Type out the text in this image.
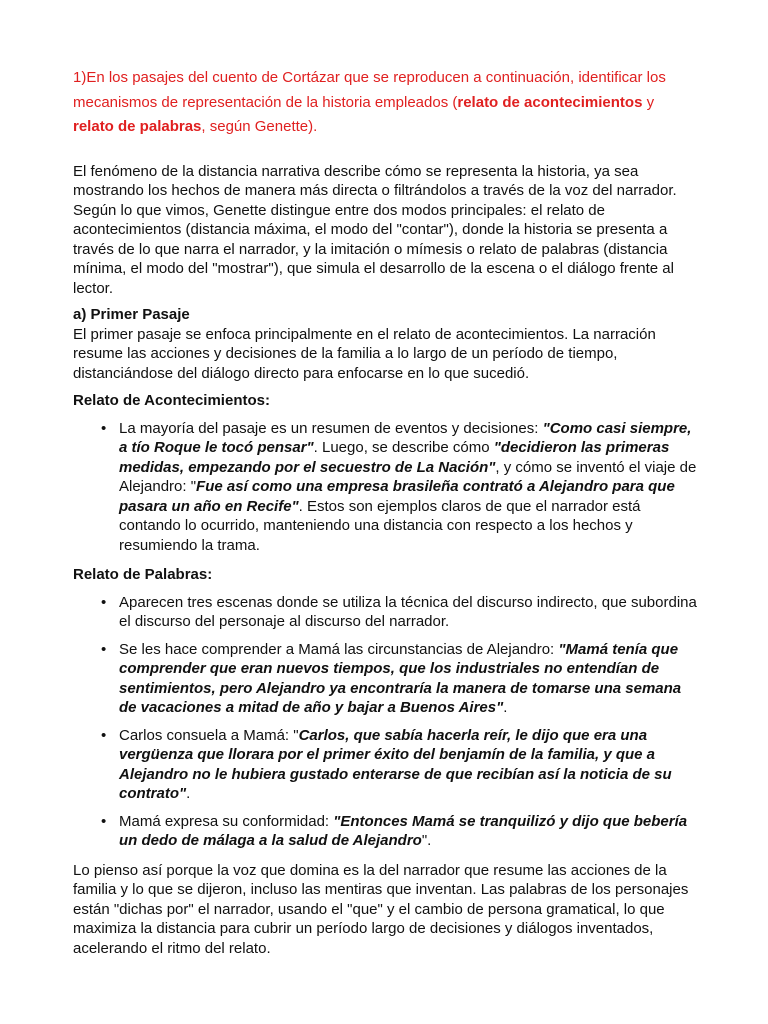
1)En los pasajes del cuento de Cortázar que se reproducen a continuación, identificar los mecanismos de representación de la historia empleados (relato de acontecimientos y relato de palabras, según Genette).

El fenómeno de la distancia narrativa describe cómo se representa la historia, ya sea mostrando los hechos de manera más directa o filtrándolos a través de la voz del narrador. Según lo que vimos, Genette distingue entre dos modos principales: el relato de acontecimientos (distancia máxima, el modo del "contar"), donde la historia se presenta a través de lo que narra el narrador, y la imitación o mímesis o relato de palabras (distancia mínima, el modo del "mostrar"), que simula el desarrollo de la escena o el diálogo frente al lector.

a) Primer Pasaje

El primer pasaje se enfoca principalmente en el relato de acontecimientos. La narración resume las acciones y decisiones de la familia a lo largo de un período de tiempo, distanciándose del diálogo directo para enfocarse en lo que sucedió.

Relato de Acontecimientos:

• La mayoría del pasaje es un resumen de eventos y decisiones: "Como casi siempre, a tío Roque le tocó pensar". Luego, se describe cómo "decidieron las primeras medidas, empezando por el secuestro de La Nación", y cómo se inventó el viaje de Alejandro: "Fue así como una empresa brasileña contrató a Alejandro para que pasara un año en Recife". Estos son ejemplos claros de que el narrador está contando lo ocurrido, manteniendo una distancia con respecto a los hechos y resumiendo la trama.

Relato de Palabras:

• Aparecen tres escenas donde se utiliza la técnica del discurso indirecto, que subordina el discurso del personaje al discurso del narrador.
• Se les hace comprender a Mamá las circunstancias de Alejandro: "Mamá tenía que comprender que eran nuevos tiempos, que los industriales no entendían de sentimientos, pero Alejandro ya encontraría la manera de tomarse una semana de vacaciones a mitad de año y bajar a Buenos Aires".
• Carlos consuela a Mamá: "Carlos, que sabía hacerla reír, le dijo que era una vergüenza que llorara por el primer éxito del benjamín de la familia, y que a Alejandro no le hubiera gustado enterarse de que recibían así la noticia de su contrato".
• Mamá expresa su conformidad: "Entonces Mamá se tranquilizó y dijo que bebería un dedo de málaga a la salud de Alejandro".

Lo pienso así porque la voz que domina es la del narrador que resume las acciones de la familia y lo que se dijeron, incluso las mentiras que inventan. Las palabras de los personajes están "dichas por" el narrador, usando el "que" y el cambio de persona gramatical, lo que maximiza la distancia para cubrir un período largo de decisiones y diálogos inventados, acelerando el ritmo del relato.
